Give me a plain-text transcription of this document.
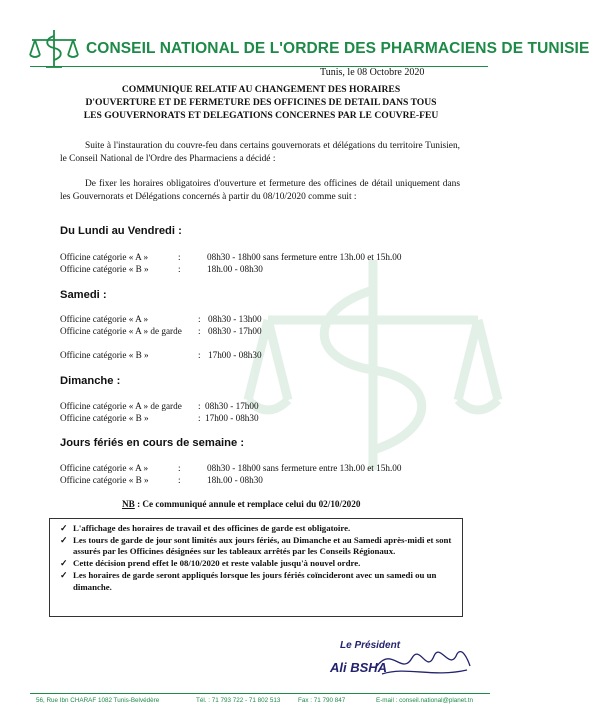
CONSEIL NATIONAL DE L'ORDRE DES PHARMACIENS DE TUNISIE
Tunis, le 08 Octobre 2020
COMMUNIQUE RELATIF AU CHANGEMENT DES HORAIRES
D'OUVERTURE ET DE FERMETURE DES OFFICINES DE DETAIL DANS TOUS
LES GOUVERNORATS ET DELEGATIONS CONCERNES PAR LE COUVRE-FEU
Suite à l'instauration du couvre-feu dans certains gouvernorats et délégations du territoire Tunisien, le Conseil National de l'Ordre des Pharmaciens a décidé :
De fixer les horaires obligatoires d'ouverture et fermeture des officines de détail uniquement dans les Gouvernorats et Délégations concernés à partir du 08/10/2020 comme suit :
Du Lundi au Vendredi :
Officine catégorie « A »	:	08h30 - 18h00 sans fermeture entre 13h.00 et 15h.00
Officine catégorie « B »	:	18h.00 - 08h30
Samedi :
Officine catégorie « A »	: 08h30 - 13h00
Officine catégorie « A » de garde : 08h30 - 17h00
Officine catégorie « B »	: 17h00 - 08h30
Dimanche :
Officine catégorie « A » de garde : 08h30 - 17h00
Officine catégorie « B »	: 17h00 - 08h30
Jours fériés en cours de semaine :
Officine catégorie « A »	:	08h30 - 18h00 sans fermeture entre 13h.00 et 15h.00
Officine catégorie « B »	:	18h.00 - 08h30
NB : Ce communiqué annule et remplace celui du 02/10/2020
✓ L'affichage des horaires de travail et des officines de garde est obligatoire.
✓ Les tours de garde de jour sont limités aux jours fériés, au Dimanche et au Samedi après-midi et sont assurés par les Officines désignées sur les tableaux arrêtés par les Conseils Régionaux.
✓ Cette décision prend effet le 08/10/2020 et reste valable jusqu'à nouvel ordre.
✓ Les horaires de garde seront appliqués lorsque les jours fériés coïncideront avec un samedi ou un dimanche.
Le Président
Ali BSHA
56, Rue Ibn CHARAF 1082 Tunis-Belvédère	Tél. : 71 793 722 - 71 802 513	Fax : 71 790 847	E-mail : conseil.national@planet.tn
